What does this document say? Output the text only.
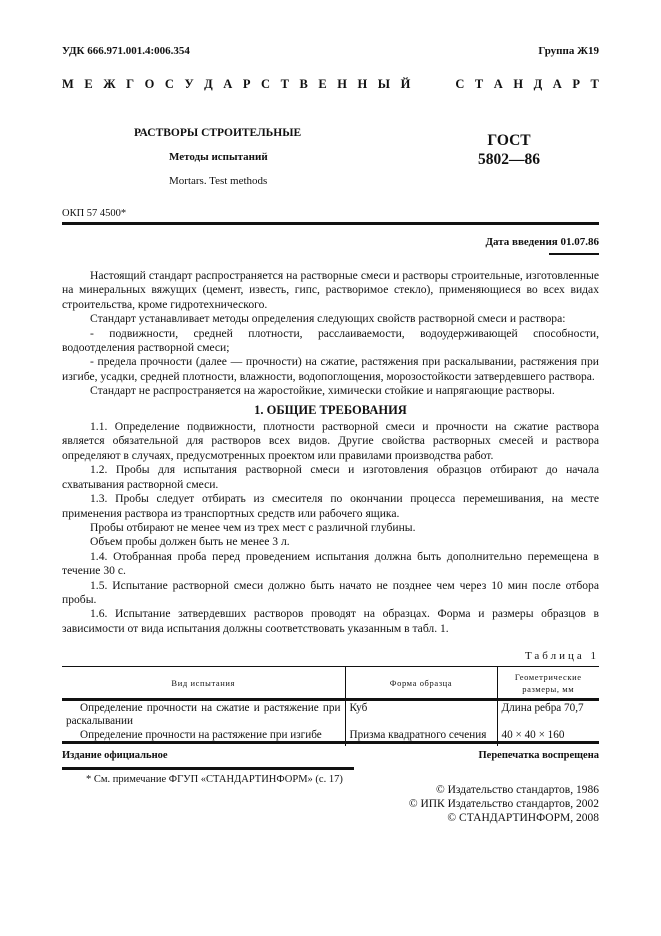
УДК 666.971.001.4:006.354	Группа Ж19
М Е Ж Г О С У Д А Р С Т В Е Н Н Ы Й	С Т А Н Д А Р Т
РАСТВОРЫ СТРОИТЕЛЬНЫЕ
Методы испытаний
Mortars. Test methods
ГОСТ
5802—86
ОКП 57 4500*
Дата введения 01.07.86

Настоящий стандарт распространяется на растворные смеси и растворы строительные, изготовленные на минеральных вяжущих (цемент, известь, гипс, растворимое стекло), применяющиеся во всех видах строительства, кроме гидротехнического.

Стандарт устанавливает методы определения следующих свойств растворной смеси и раствора:

- подвижности, средней плотности, расслаиваемости, водоудерживающей способности, водоотделения растворной смеси;

- предела прочности (далее — прочности) на сжатие, растяжения при раскалывании, растяжения при изгибе, усадки, средней плотности, влажности, водопоглощения, морозостойкости затвердевшего раствора.

Стандарт не распространяется на жаростойкие, химически стойкие и напрягающие растворы.

1. ОБЩИЕ ТРЕБОВАНИЯ

1.1. Определение подвижности, плотности растворной смеси и прочности на сжатие раствора является обязательной для растворов всех видов. Другие свойства растворных смесей и раствора определяют в случаях, предусмотренных проектом или правилами производства работ.

1.2. Пробы для испытания растворной смеси и изготовления образцов отбирают до начала схватывания растворной смеси.

1.3. Пробы следует отбирать из смесителя по окончании процесса перемешивания, на месте применения раствора из транспортных средств или рабочего ящика.

Пробы отбирают не менее чем из трех мест с различной глубины.

Объем пробы должен быть не менее 3 л.

1.4. Отобранная проба перед проведением испытания должна быть дополнительно перемещена в течение 30 с.

1.5. Испытание растворной смеси должно быть начато не позднее чем через 10 мин после отбора пробы.

1.6. Испытание затвердевших растворов проводят на образцах. Форма и размеры образцов в зависимости от вида испытания должны соответствовать указанным в табл. 1.

Таблица 1
Вид испытания	Форма образца	Геометрические размеры, мм
Определение прочности на сжатие и растяжение при раскалывании	Куб	Длина ребра 70,7
Определение прочности на растяжение при изгибе	Призма квадратного сечения	40 × 40 × 160
Издание официальное	Перепечатка воспрещена
* См. примечание ФГУП «СТАНДАРТИНФОРМ» (с. 17)
© Издательство стандартов, 1986
© ИПК Издательство стандартов, 2002
© СТАНДАРТИНФОРМ, 2008
